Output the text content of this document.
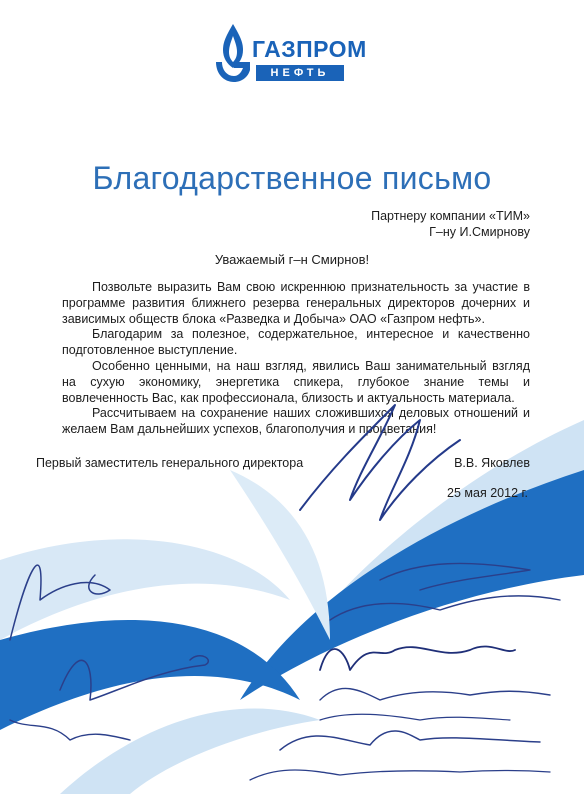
ГАЗПРОМ
НЕФТЬ
Благодарственное письмо
Партнеру компании «ТИМ»
Г–ну И.Смирнову
Уважаемый г–н Смирнов!

Позвольте выразить Вам свою искреннюю признательность за участие в программе развития ближнего резерва генеральных директоров дочерних и зависимых обществ блока «Разведка и Добыча» ОАО «Газпром нефть».

Благодарим за полезное, содержательное, интересное и качественно подготовленное выступление.

Особенно ценными, на наш взгляд, явились Ваш занимательный взгляд на сухую экономику, энергетика спикера, глубокое знание темы и вовлеченность Вас, как профессионала, близость и актуальность материала.

Рассчитываем на сохранение наших сложившихся деловых отношений и желаем Вам дальнейших успехов, благополучия и процветания!

Первый заместитель генерального директора	В.В. Яковлев
25 мая 2012 г.
